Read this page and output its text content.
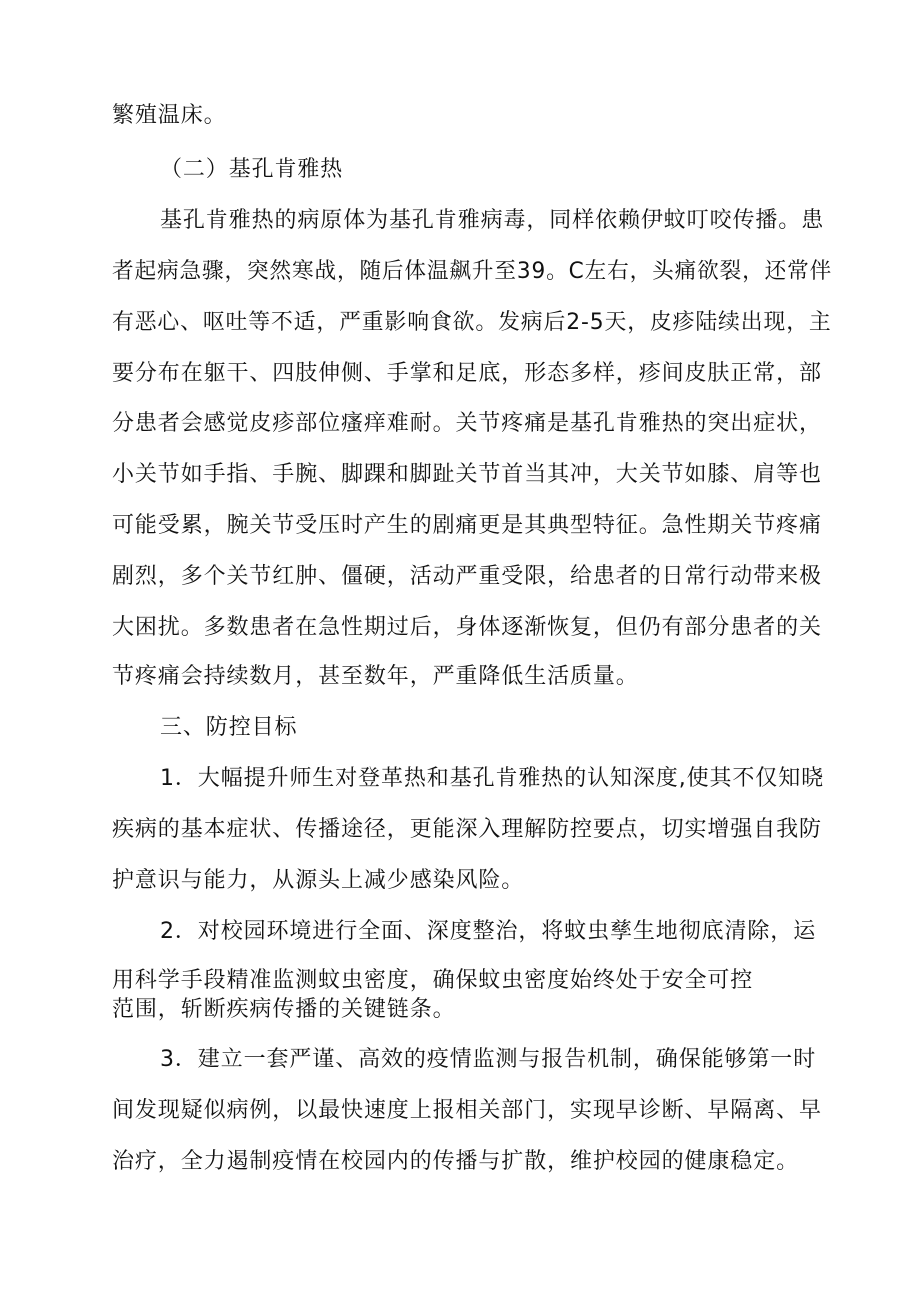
繁殖温床。
（二）基孔肯雅热
基孔肯雅热的病原体为基孔肯雅病毒，同样依赖伊蚊叮咬传播。患
者起病急骤，突然寒战，随后体温飙升至39。C左右，头痛欲裂，还常伴
有恶心、呕吐等不适，严重影响食欲。发病后2-5天，皮疹陆续出现，主
要分布在躯干、四肢伸侧、手掌和足底，形态多样，疹间皮肤正常，部
分患者会感觉皮疹部位瘙痒难耐。关节疼痛是基孔肯雅热的突出症状，
小关节如手指、手腕、脚踝和脚趾关节首当其冲，大关节如膝、肩等也
可能受累，腕关节受压时产生的剧痛更是其典型特征。急性期关节疼痛
剧烈，多个关节红肿、僵硬，活动严重受限，给患者的日常行动带来极
大困扰。多数患者在急性期过后，身体逐渐恢复，但仍有部分患者的关
节疼痛会持续数月，甚至数年，严重降低生活质量。
三、防控目标
1．大幅提升师生对登革热和基孔肯雅热的认知深度,使其不仅知晓
疾病的基本症状、传播途径，更能深入理解防控要点，切实增强自我防
护意识与能力，从源头上减少感染风险。
2．对校园环境进行全面、深度整治，将蚊虫孳生地彻底清除，运
用科学手段精准监测蚊虫密度，确保蚊虫密度始终处于安全可控
范围，斩断疾病传播的关键链条。
3．建立一套严谨、高效的疫情监测与报告机制，确保能够第一时
间发现疑似病例，以最快速度上报相关部门，实现早诊断、早隔离、早
治疗，全力遏制疫情在校园内的传播与扩散，维护校园的健康稳定。
